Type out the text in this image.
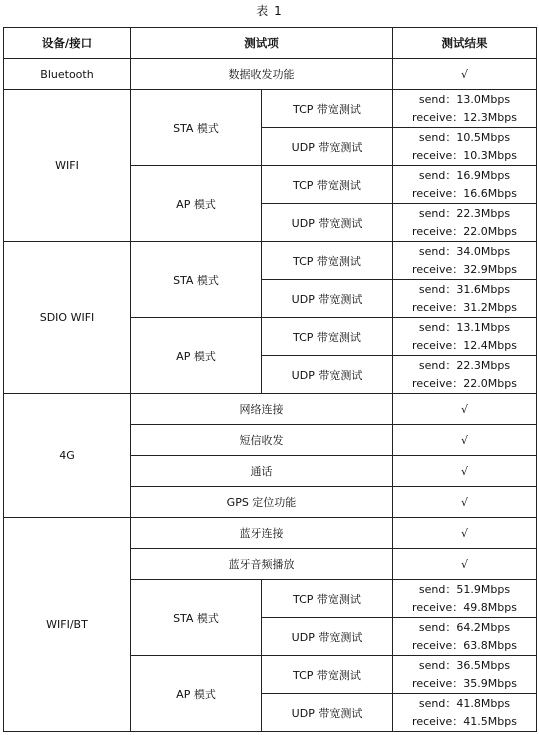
表 1
设备/接口	测试项		测试结果
Bluetooth	数据收发功能		√
WIFI	STA 模式	TCP 带宽测试	send：13.0Mbps
receive：12.3Mbps

		UDP 带宽测试	send：10.5Mbps
receive：10.3Mbps

	AP 模式	TCP 带宽测试	send：16.9Mbps
receive：16.6Mbps

		UDP 带宽测试	send：22.3Mbps
receive：22.0Mbps

SDIO WIFI	STA 模式	TCP 带宽测试	send：34.0Mbps
receive：32.9Mbps

		UDP 带宽测试	send：31.6Mbps
receive：31.2Mbps

	AP 模式	TCP 带宽测试	send：13.1Mbps
receive：12.4Mbps

		UDP 带宽测试	send：22.3Mbps
receive：22.0Mbps

4G	网络连接		√
	短信收发		√
	通话		√
	GPS 定位功能		√
WIFI/BT	蓝牙连接		√
	蓝牙音频播放		√
	STA 模式	TCP 带宽测试	send：51.9Mbps
receive：49.8Mbps

		UDP 带宽测试	send：64.2Mbps
receive：63.8Mbps

	AP 模式	TCP 带宽测试	send：36.5Mbps
receive：35.9Mbps

		UDP 带宽测试	send：41.8Mbps
receive：41.5Mbps
